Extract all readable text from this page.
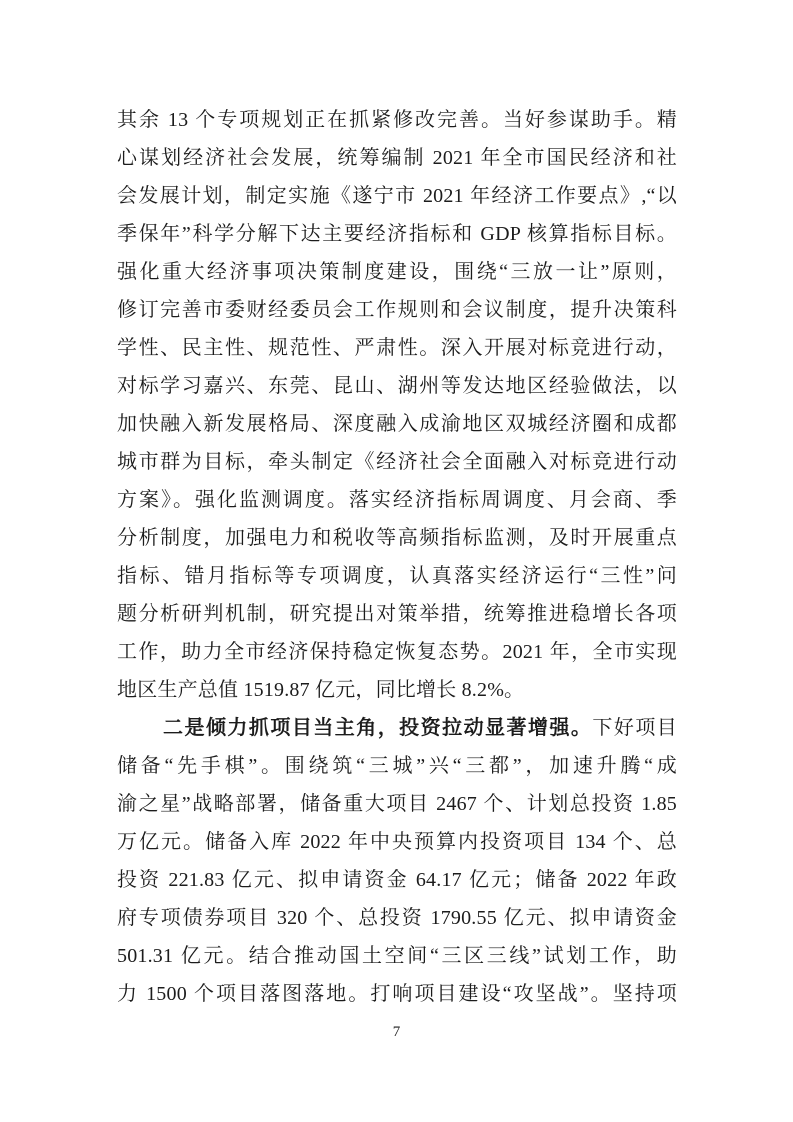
其余 13 个专项规划正在抓紧修改完善。当好参谋助手。精
心谋划经济社会发展，统筹编制 2021 年全市国民经济和社
会发展计划，制定实施《遂宁市 2021 年经济工作要点》,“以
季保年”科学分解下达主要经济指标和 GDP 核算指标目标。
强化重大经济事项决策制度建设，围绕“三放一让”原则，
修订完善市委财经委员会工作规则和会议制度，提升决策科
学性、民主性、规范性、严肃性。深入开展对标竞进行动，
对标学习嘉兴、东莞、昆山、湖州等发达地区经验做法，以
加快融入新发展格局、深度融入成渝地区双城经济圈和成都
城市群为目标，牵头制定《经济社会全面融入对标竞进行动
方案》。强化监测调度。落实经济指标周调度、月会商、季
分析制度，加强电力和税收等高频指标监测，及时开展重点
指标、错月指标等专项调度，认真落实经济运行“三性”问
题分析研判机制，研究提出对策举措，统筹推进稳增长各项
工作，助力全市经济保持稳定恢复态势。2021 年，全市实现
地区生产总值 1519.87 亿元，同比增长 8.2%。
二是倾力抓项目当主角，投资拉动显著增强。下好项目
储备“先手棋”。围绕筑“三城”兴“三都”，加速升腾“成
渝之星”战略部署，储备重大项目 2467 个、计划总投资 1.85
万亿元。储备入库 2022 年中央预算内投资项目 134 个、总
投资 221.83 亿元、拟申请资金 64.17 亿元；储备 2022 年政
府专项债券项目 320 个、总投资 1790.55 亿元、拟申请资金
501.31 亿元。结合推动国土空间“三区三线”试划工作，助
力 1500 个项目落图落地。打响项目建设“攻坚战”。坚持项
7
